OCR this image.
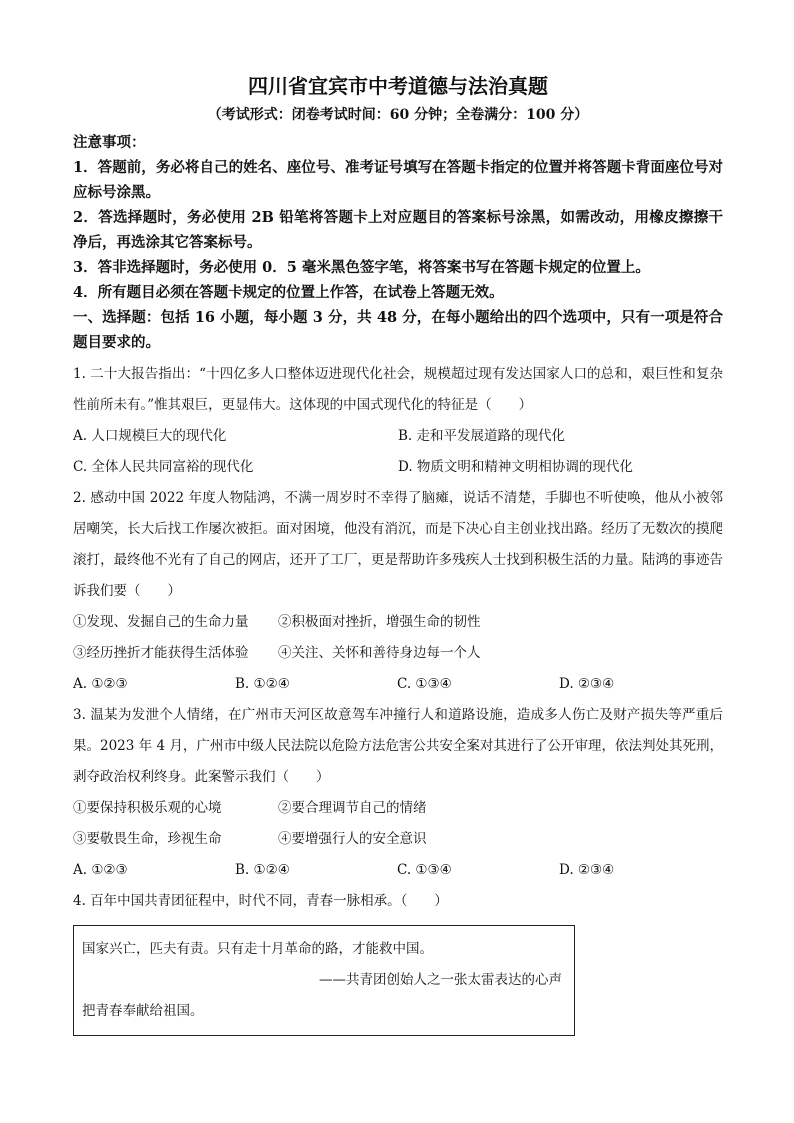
四川省宜宾市中考道德与法治真题

（考试形式：闭卷考试时间：60 分钟；全卷满分：100 分）

注意事项：

1．答题前，务必将自己的姓名、座位号、准考证号填写在答题卡指定的位置并将答题卡背面座位号对应标号涂黑。

2．答选择题时，务必使用 2B 铅笔将答题卡上对应题目的答案标号涂黑，如需改动，用橡皮擦擦干净后，再选涂其它答案标号。

3．答非选择题时，务必使用 0．5 毫米黑色签字笔，将答案书写在答题卡规定的位置上。

4．所有题目必须在答题卡规定的位置上作答，在试卷上答题无效。

一、选择题：包括 16 小题，每小题 3 分，共 48 分，在每小题给出的四个选项中，只有一项是符合题目要求的。

1. 二十大报告指出：“十四亿多人口整体迈进现代化社会，规模超过现有发达国家人口的总和，艰巨性和复杂性前所未有。”惟其艰巨，更显伟大。这体现的中国式现代化的特征是（　　）

A. 人口规模巨大的现代化	B. 走和平发展道路的现代化
C. 全体人民共同富裕的现代化	D. 物质文明和精神文明相协调的现代化

2. 感动中国 2022 年度人物陆鸿，不满一周岁时不幸得了脑瘫，说话不清楚，手脚也不听使唤，他从小被邻居嘲笑，长大后找工作屡次被拒。面对困境，他没有消沉，而是下决心自主创业找出路。经历了无数次的摸爬滚打，最终他不光有了自己的网店，还开了工厂，更是帮助许多残疾人士找到积极生活的力量。陆鸿的事迹告诉我们要（　　）

①发现、发掘自己的生命力量	②积极面对挫折，增强生命的韧性
③经历挫折才能获得生活体验	④关注、关怀和善待身边每一个人
A. ①②③	B. ①②④	C. ①③④	D. ②③④

3. 温某为发泄个人情绪，在广州市天河区故意驾车冲撞行人和道路设施，造成多人伤亡及财产损失等严重后果。2023 年 4 月，广州市中级人民法院以危险方法危害公共安全案对其进行了公开审理，依法判处其死刑，剥夺政治权利终身。此案警示我们（　　）

①要保持积极乐观的心境	②要合理调节自己的情绪
③要敬畏生命，珍视生命	④要增强行人的安全意识
A. ①②③	B. ①②④	C. ①③④	D. ②③④

4. 百年中国共青团征程中，时代不同，青春一脉相承。（　　）

国家兴亡，匹夫有责。只有走十月革命的路，才能救中国。

——共青团创始人之一张太雷表达的心声

把青春奉献给祖国。
